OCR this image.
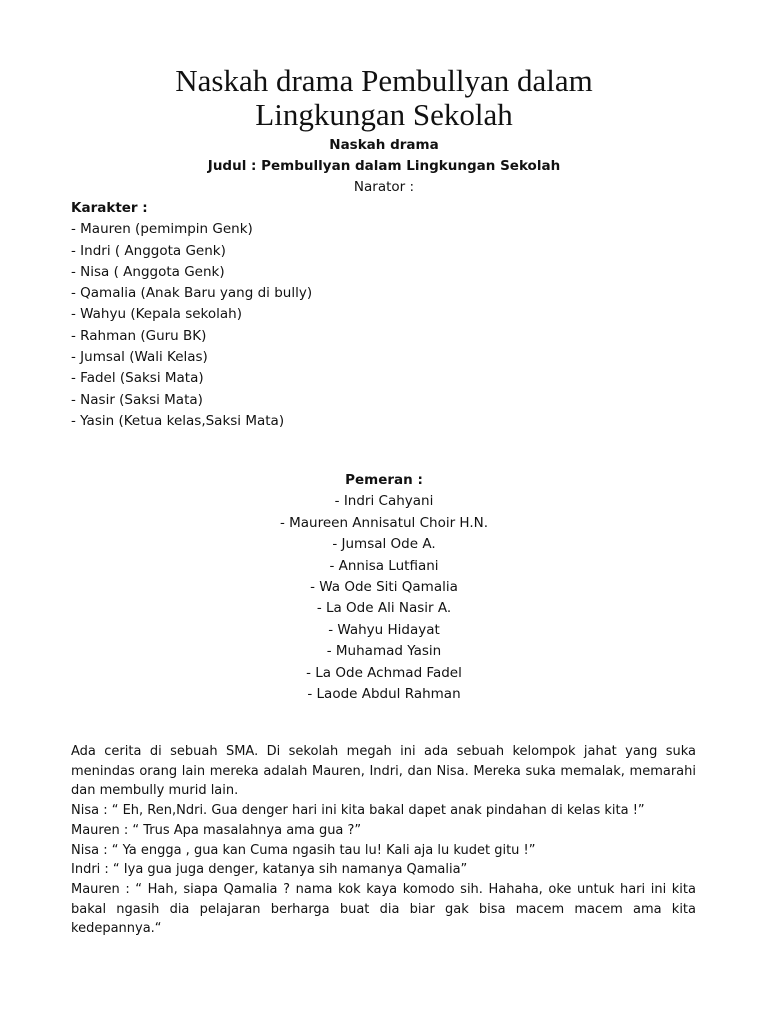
Naskah drama Pembullyan dalam
Lingkungan Sekolah
Naskah drama
Judul : Pembullyan dalam Lingkungan Sekolah
Narator :
Karakter :
- Mauren (pemimpin Genk)
- Indri ( Anggota Genk)
- Nisa ( Anggota Genk)
- Qamalia (Anak Baru yang di bully)
- Wahyu (Kepala sekolah)
- Rahman (Guru BK)
- Jumsal (Wali Kelas)
- Fadel (Saksi Mata)
- Nasir (Saksi Mata)
- Yasin (Ketua kelas,Saksi Mata)
Pemeran :
- Indri Cahyani
- Maureen Annisatul Choir H.N.
- Jumsal Ode A.
- Annisa Lutfiani
- Wa Ode Siti Qamalia
- La Ode Ali Nasir A.
- Wahyu Hidayat
- Muhamad Yasin
- La Ode Achmad Fadel
- Laode Abdul Rahman

Ada cerita di sebuah SMA. Di sekolah megah ini ada sebuah kelompok jahat yang suka menindas orang lain mereka adalah Mauren, Indri, dan Nisa. Mereka suka memalak, memarahi dan membully murid lain.

Nisa : “ Eh, Ren,Ndri. Gua denger hari ini kita bakal dapet anak pindahan di kelas kita !”

Mauren : “ Trus Apa masalahnya ama gua ?”

Nisa : “ Ya engga , gua kan Cuma ngasih tau lu! Kali aja lu kudet gitu !”

Indri : “ Iya gua juga denger, katanya sih namanya Qamalia”

Mauren : “ Hah, siapa Qamalia ? nama kok kaya komodo sih. Hahaha, oke untuk hari ini kita bakal ngasih dia pelajaran berharga buat dia biar gak bisa macem macem ama kita kedepannya.“
